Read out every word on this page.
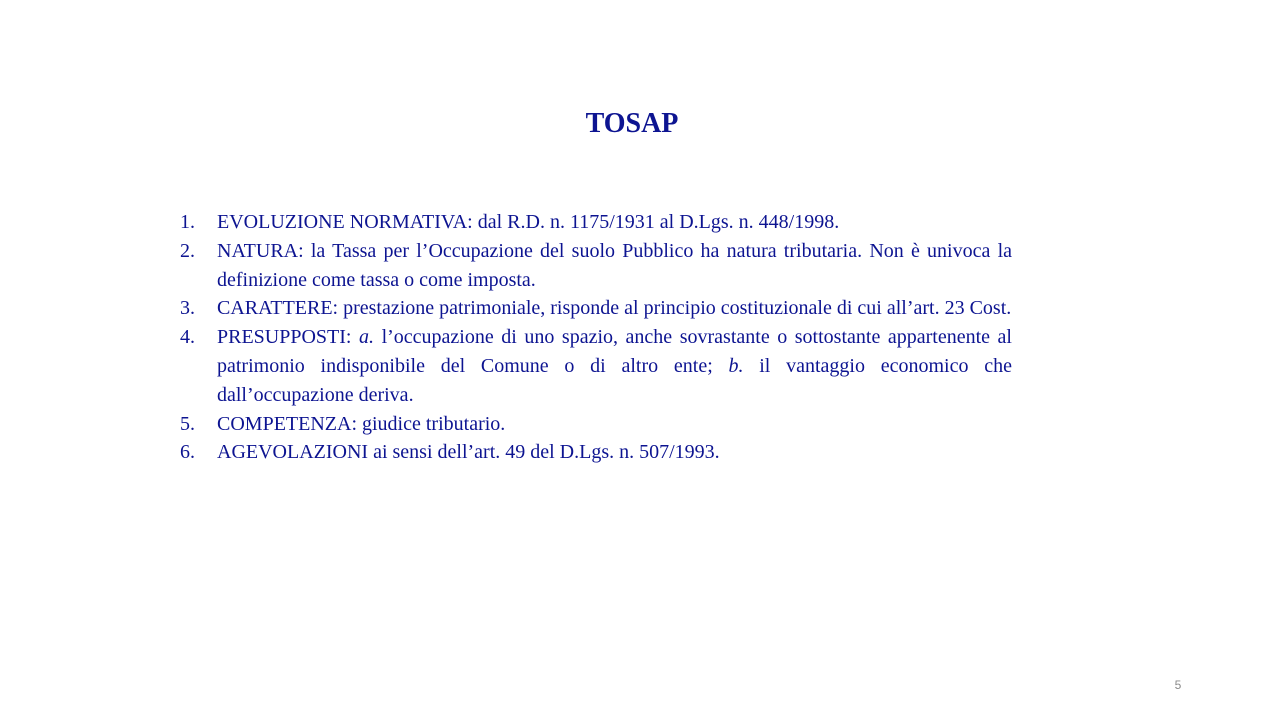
TOSAP
1. EVOLUZIONE NORMATIVA: dal R.D. n. 1175/1931 al D.Lgs. n. 448/1998.
2. NATURA: la Tassa per l’Occupazione del suolo Pubblico ha natura tributaria. Non è univoca la definizione come tassa o come imposta.
3. CARATTERE: prestazione patrimoniale, risponde al principio costituzionale di cui all’art. 23 Cost.
4. PRESUPPOSTI: a. l’occupazione di uno spazio, anche sovrastante o sottostante appartenente al patrimonio indisponibile del Comune o di altro ente; b. il vantaggio economico che dall’occupazione deriva.
5. COMPETENZA: giudice tributario.
6. AGEVOLAZIONI ai sensi dell’art. 49 del D.Lgs. n. 507/1993.
5
